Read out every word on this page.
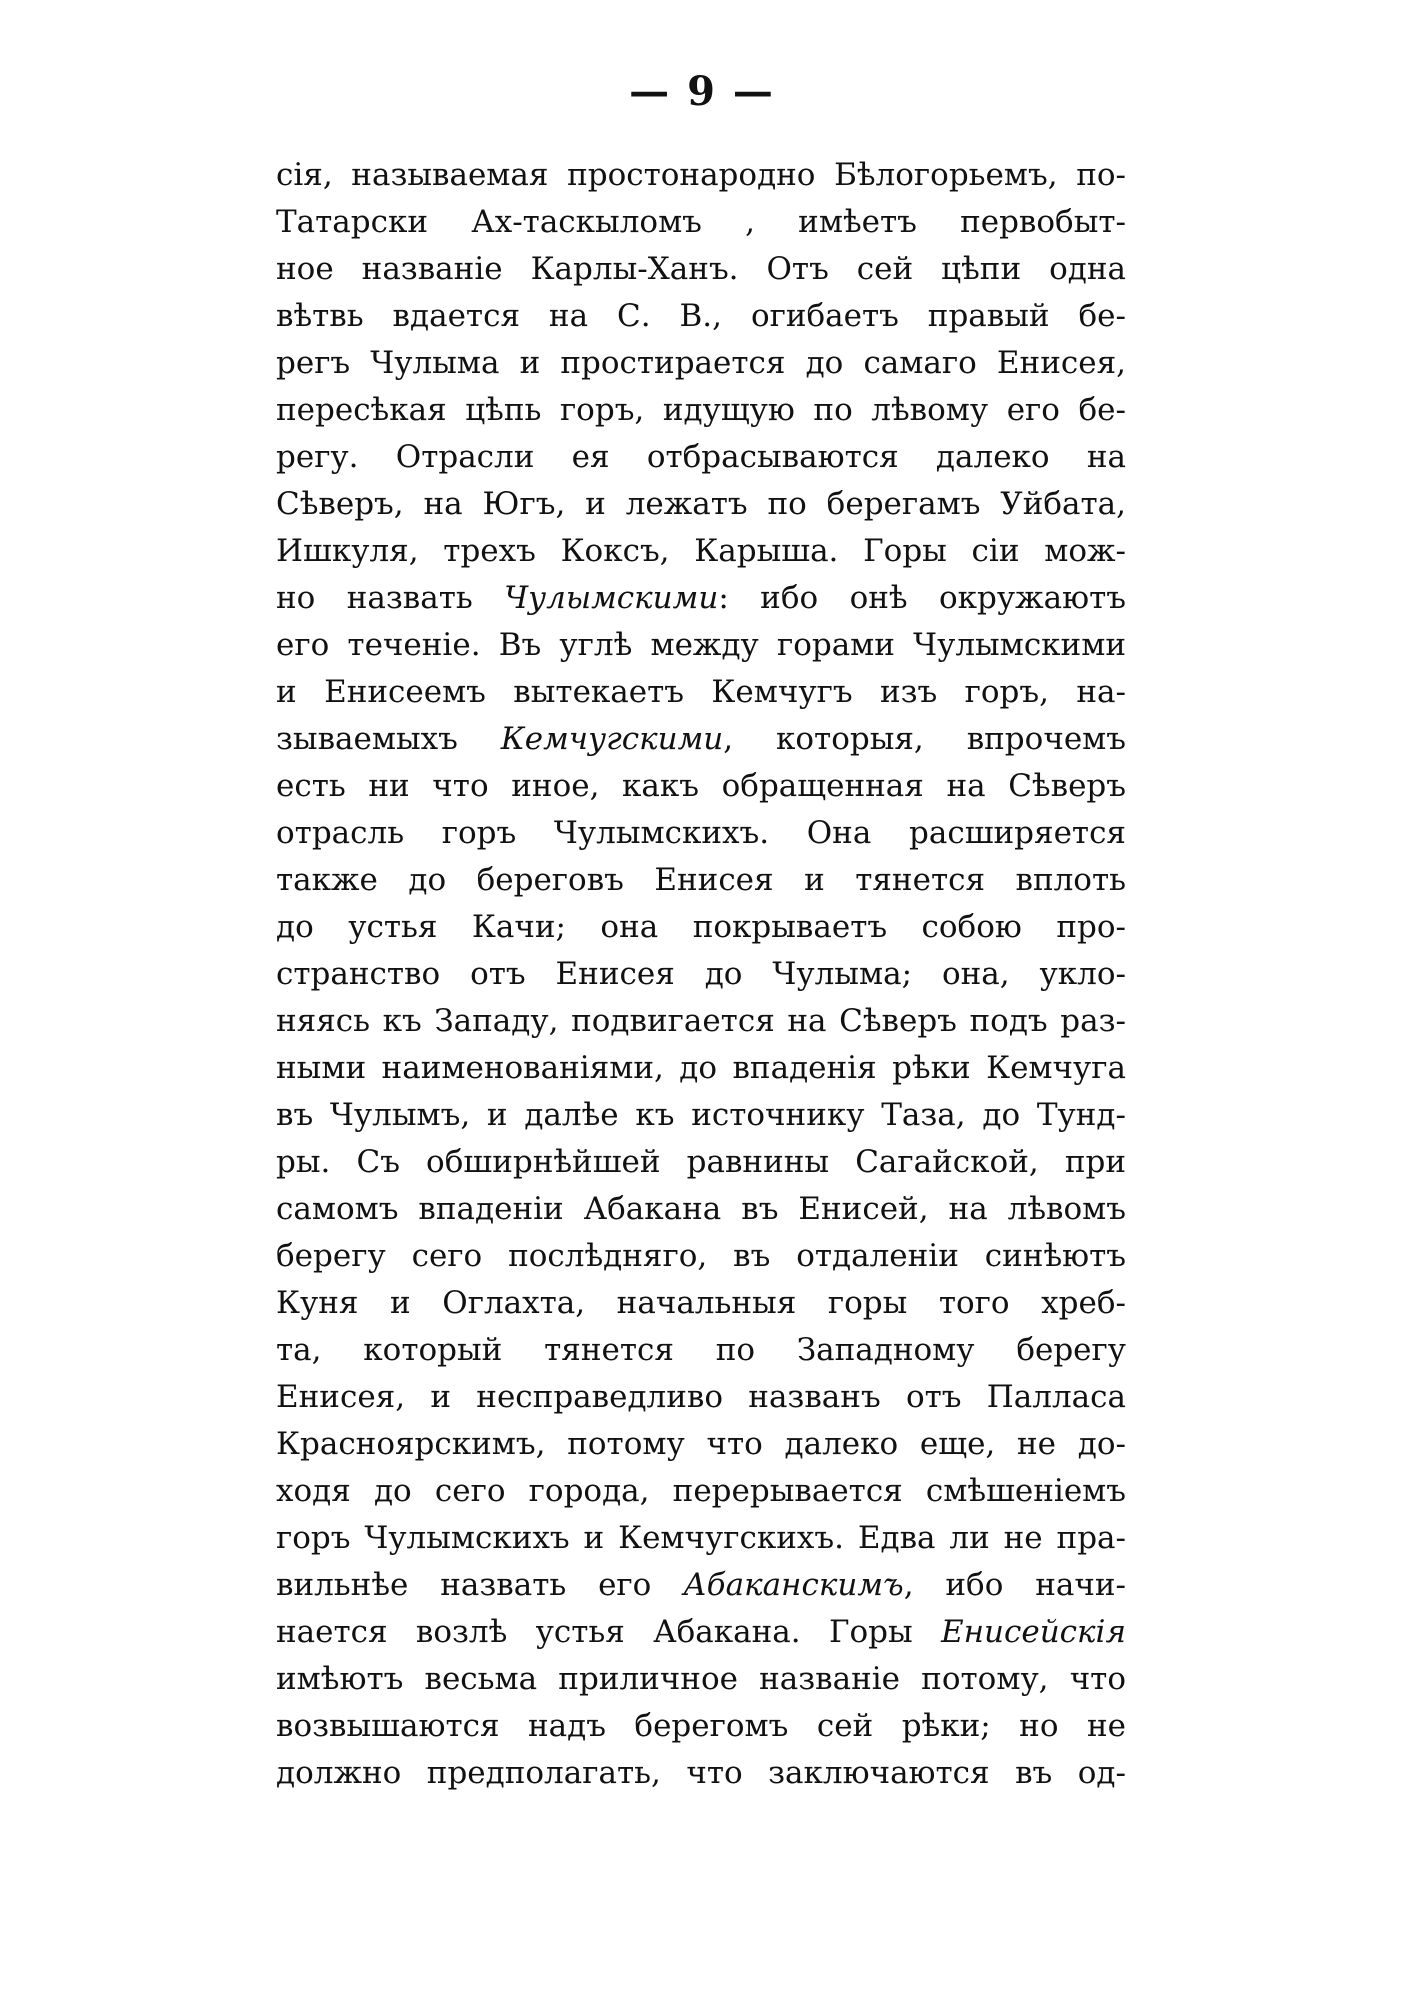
— 9 —
сія, называемая простонародно Бѣлогорьемъ, по-
Татарски Ах-таскыломъ , имѣетъ первобыт-
ное названіе Карлы-Ханъ. Отъ сей цѣпи одна
вѣтвь вдается на С. В., огибаетъ правый бе-
регъ Чулыма и простирается до самаго Енисея,
пересѣкая цѣпь горъ, идущую по лѣвому его бе-
регу. Отрасли ея отбрасываются далеко на
Сѣверъ, на Югъ, и лежатъ по берегамъ Уйбата,
Ишкуля, трехъ Коксъ, Карыша. Горы сіи мож-
но назвать Чулымскими: ибо онѣ окружаютъ
его теченіе. Въ углѣ между горами Чулымскими
и Енисеемъ вытекаетъ Кемчугъ изъ горъ, на-
зываемыхъ Кемчугскими, которыя, впрочемъ
есть ни что иное, какъ обращенная на Сѣверъ
отрасль горъ Чулымскихъ. Она расширяется
также до береговъ Енисея и тянется вплоть
до устья Качи; она покрываетъ собою про-
странство отъ Енисея до Чулыма; она, укло-
няясь къ Западу, подвигается на Сѣверъ подъ раз-
ными наименованіями, до впаденія рѣки Кемчуга
въ Чулымъ, и далѣе къ источнику Таза, до Тунд-
ры. Съ обширнѣйшей равнины Сагайской, при
самомъ впаденіи Абакана въ Енисей, на лѣвомъ
берегу сего послѣдняго, въ отдаленіи синѣютъ
Куня и Оглахта, начальныя горы того хреб-
та, который тянется по Западному берегу
Енисея, и несправедливо названъ отъ Палласа
Красноярскимъ, потому что далеко еще, не до-
ходя до сего города, перерывается смѣшеніемъ
горъ Чулымскихъ и Кемчугскихъ. Едва ли не пра-
вильнѣе назвать его Абаканскимъ, ибо начи-
нается возлѣ устья Абакана. Горы Енисейскія
имѣютъ весьма приличное названіе потому, что
возвышаются надъ берегомъ сей рѣки; но не
должно предполагать, что заключаются въ од-
